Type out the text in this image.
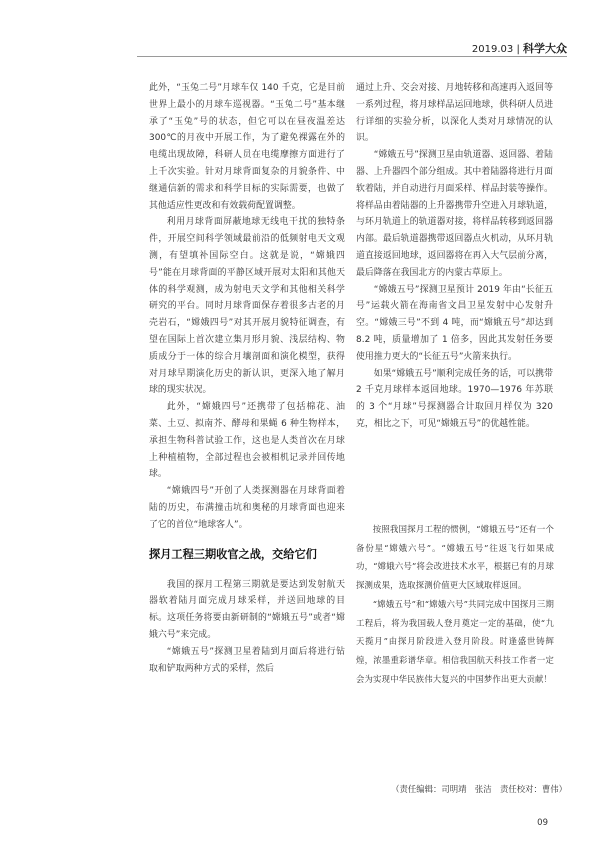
2019.03 | 科学大众

此外，“玉兔二号”月球车仅 140 千克，它是目前世界上最小的月球车巡视器。“玉兔二号”基本继承了“玉兔”号的状态，但它可以在昼夜温差达 300℃的月夜中开展工作，为了避免裸露在外的电缆出现故障，科研人员在电缆摩擦方面进行了上千次实验。针对月球背面复杂的月貌条件、中继通信新的需求和科学目标的实际需要，也做了其他适应性更改和有效载荷配置调整。

利用月球背面屏蔽地球无线电干扰的独特条件，开展空间科学领域最前沿的低频射电天文观测，有望填补国际空白。这就是说，“嫦娥四号”能在月球背面的平静区域开展对太阳和其他天体的科学观测，成为射电天文学和其他相关科学研究的平台。同时月球背面保存着很多古老的月壳岩石，“嫦娥四号”对其开展月貌特征调查，有望在国际上首次建立集月形月貌、浅层结构、物质成分于一体的综合月壤剖面和演化模型，获得对月球早期演化历史的新认识，更深入地了解月球的现实状况。

此外，“嫦娥四号”还携带了包括棉花、油菜、土豆、拟南芥、酵母和果蝇 6 种生物样本，承担生物科普试验工作，这也是人类首次在月球上种植植物，全部过程也会被相机记录并回传地球。

“嫦娥四号”开创了人类探测器在月球背面着陆的历史，布满撞击坑和奥秘的月球背面也迎来了它的首位“地球客人”。

探月工程三期收官之战，交给它们

我国的探月工程第三期就是要达到发射航天器软着陆月面完成月球采样，并送回地球的目标。这项任务将要由新研制的“嫦娥五号”或者“嫦娥六号”来完成。

“嫦娥五号”探测卫星着陆到月面后将进行钻取和铲取两种方式的采样，然后

通过上升、交会对接、月地转移和高速再入返回等一系列过程，将月球样品运回地球，供科研人员进行详细的实验分析，以深化人类对月球情况的认识。

“嫦娥五号”探测卫星由轨道器、返回器、着陆器、上升器四个部分组成。其中着陆器将进行月面软着陆，并自动进行月面采样、样品封装等操作。将样品由着陆器的上升器携带升空进入月球轨道，与环月轨道上的轨道器对接，将样品转移到返回器内部。最后轨道器携带返回器点火机动，从环月轨道直接返回地球，返回器将在再入大气层前分离，最后降落在我国北方的内蒙古草原上。

“嫦娥五号”探测卫星预计 2019 年由“长征五号”运载火箭在海南省文昌卫星发射中心发射升空。“嫦娥三号”不到 4 吨，而“嫦娥五号”却达到 8.2 吨，质量增加了 1 倍多，因此其发射任务要使用推力更大的“长征五号”火箭来执行。

如果“嫦娥五号”顺利完成任务的话，可以携带 2 千克月球样本返回地球。1970—1976 年苏联的 3 个“月球”号探测器合计取回月样仅为 320 克，相比之下，可见“嫦娥五号”的优越性能。

按照我国探月工程的惯例，“嫦娥五号”还有一个备份星“嫦娥六号”。“嫦娥五号”往返飞行如果成功，“嫦娥六号”将会改进技术水平，根据已有的月球探测成果，选取探测价值更大区域取样返回。

“嫦娥五号”和“嫦娥六号”共同完成中国探月三期工程后，将为我国载人登月奠定一定的基础，使“九天揽月”由探月阶段进入登月阶段。时逢盛世铸辉煌，浓墨重彩谱华章。相信我国航天科技工作者一定会为实现中华民族伟大复兴的中国梦作出更大贡献！

（责任编辑：司明靖　张洁　责任校对：曹伟）
09
